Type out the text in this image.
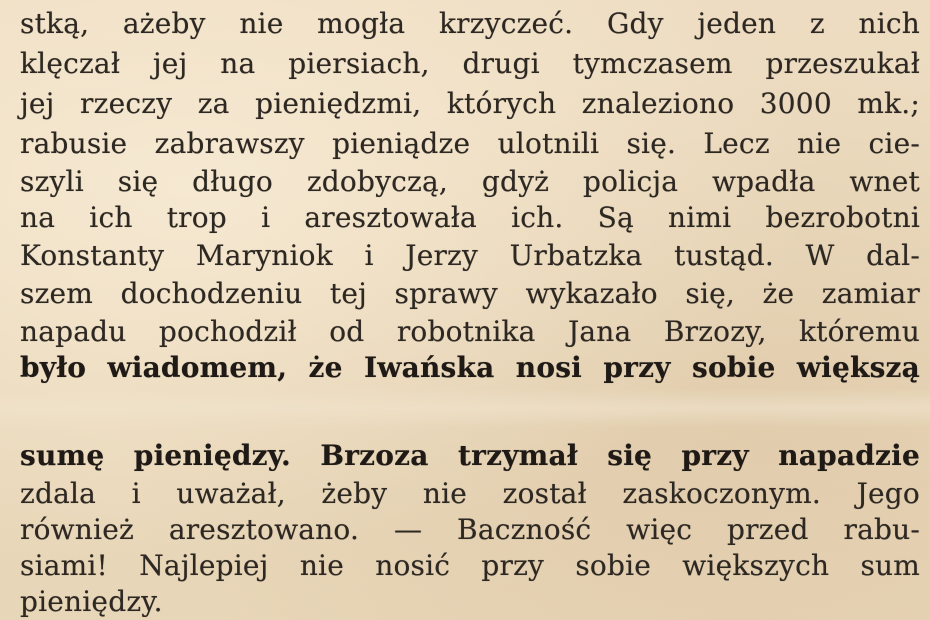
stką, ażeby nie mogła krzyczeć. Gdy jeden z nich
klęczał jej na piersiach, drugi tymczasem przeszukał
jej rzeczy za pieniędzmi, których znaleziono 3000 mk.;
rabusie zabrawszy pieniądze ulotnili się. Lecz nie cie-
szyli się długo zdobyczą, gdyż policja wpadła wnet
na ich trop i aresztowała ich. Są nimi bezrobotni
Konstanty Maryniok i Jerzy Urbatzka tustąd. W dal-
szem dochodzeniu tej sprawy wykazało się, że zamiar
napadu pochodził od robotnika Jana Brzozy, któremu
było wiadomem, że Iwańska nosi przy sobie większą
sumę pieniędzy. Brzoza trzymał się przy napadzie
zdala i uważał, żeby nie został zaskoczonym. Jego
również aresztowano. — Baczność więc przed rabu-
siami! Najlepiej nie nosić przy sobie większych sum
pieniędzy.
